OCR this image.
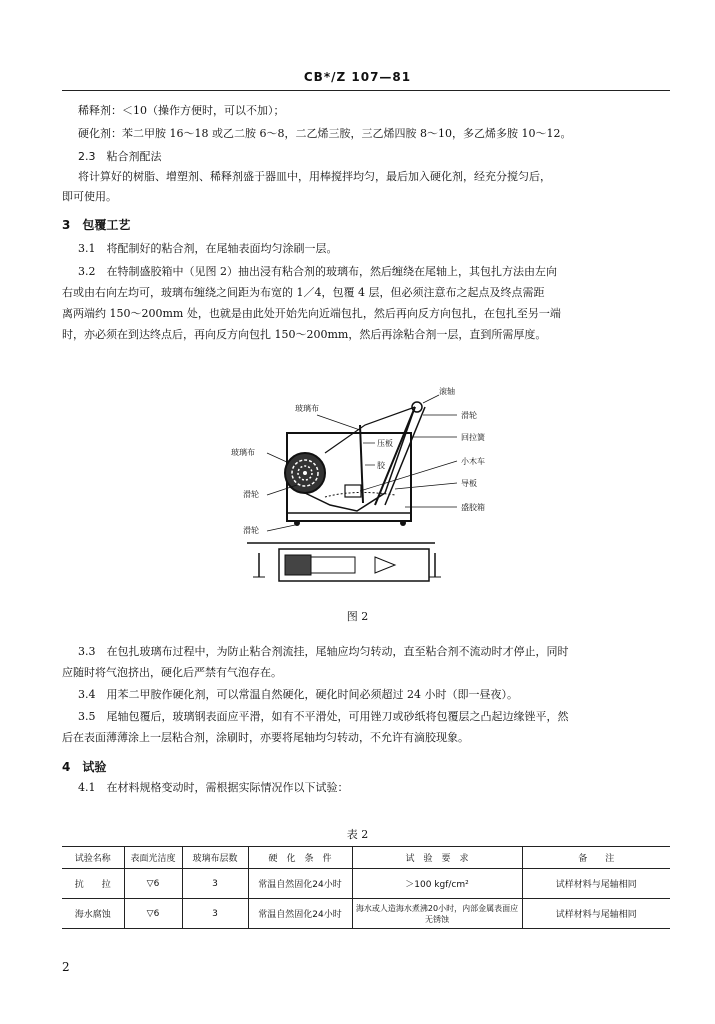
CB*/Z 107—81
稀释剂：＜10（操作方便时，可以不加）；
硬化剂：苯二甲胺 16～18 或乙二胺 6～8，二乙烯三胺，三乙烯四胺 8～10，多乙烯多胺 10～12。
2.3　粘合剂配法
将计算好的树脂、增塑剂、稀释剂盛于器皿中，用棒搅拌均匀，最后加入硬化剂，经充分搅匀后，
即可使用。
3　包覆工艺
3.1　将配制好的粘合剂，在尾轴表面均匀涂刷一层。
3.2　在特制盛胶箱中（见图 2）抽出浸有粘合剂的玻璃布，然后缠绕在尾轴上，其包扎方法由左向
右或由右向左均可，玻璃布缠绕之间距为布宽的 1／4，包覆 4 层，但必须注意布之起点及终点需距
离两端约 150～200mm 处，也就是由此处开始先向近端包扎，然后再向反方向包扎，在包扎至另一端
时，亦必须在到达终点后，再向反方向包扎 150～200mm，然后再涂粘合剂一层，直到所需厚度。
滚轴
玻璃布
滑轮
压板
回拉簧
胶	小木车
导板
盛胶箱
玻璃布
滑轮
滑轮
图 2
3.3　在包扎玻璃布过程中，为防止粘合剂流挂，尾轴应均匀转动，直至粘合剂不流动时才停止，同时
应随时将气泡挤出，硬化后严禁有气泡存在。
3.4　用苯二甲胺作硬化剂，可以常温自然硬化，硬化时间必须超过 24 小时（即一昼夜）。
3.5　尾轴包覆后，玻璃钢表面应平滑，如有不平滑处，可用锉刀或砂纸将包覆层之凸起边缘锉平，然
后在表面薄薄涂上一层粘合剂，涂刷时，亦要将尾轴均匀转动，不允许有滴胶现象。
4　试验
4.1　在材料规格变动时，需根据实际情况作以下试验：
表 2
试验名称	表面光洁度	玻璃布层数	硬　化　条　件	试　验　要　求	备　　注
抗　　拉	▽6	3	常温自然固化24小时	＞100 kgf/cm²	试样材料与尾轴相同
海水腐蚀	▽6	3	常温自然固化24小时	海水或人造海水煮沸20小时，内部金属表面应无锈蚀	试样材料与尾轴相同
2
